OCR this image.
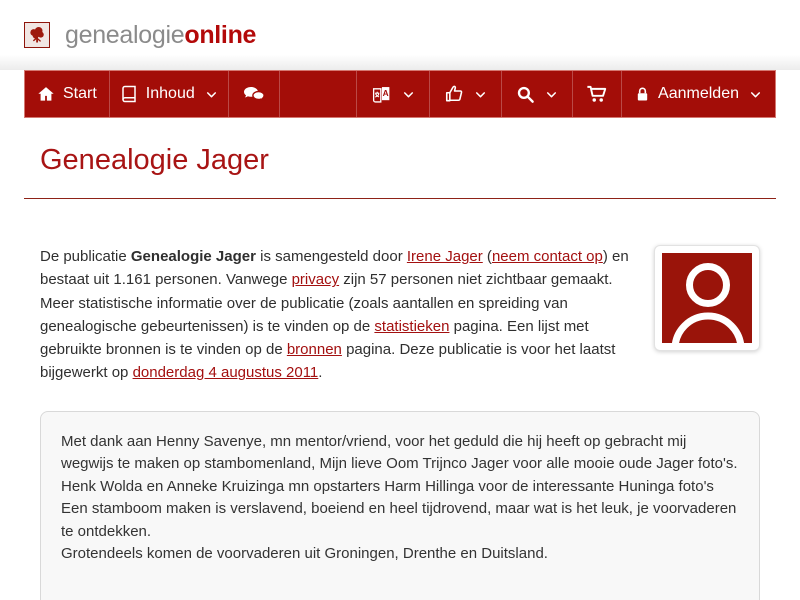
genealogieonline
Start	Inhoud	A	Aanmelden
Genealogie Jager

De publicatie Genealogie Jager is samengesteld door Irene Jager (neem contact op) en bestaat uit 1.161 personen. Vanwege privacy zijn 57 personen niet zichtbaar gemaakt. Meer statistische informatie over de publicatie (zoals aantallen en spreiding van genealogische gebeurtenissen) is te vinden op de statistieken pagina. Een lijst met gebruikte bronnen is te vinden op de bronnen pagina. Deze publicatie is voor het laatst bijgewerkt op donderdag 4 augustus 2011.

Met dank aan Henny Savenye, mn mentor/vriend, voor het geduld die hij heeft op gebracht mij wegwijs te maken op stambomenland, Mijn lieve Oom Trijnco Jager voor alle mooie oude Jager foto's. Henk Wolda en Anneke Kruizinga mn opstarters Harm Hillinga voor de interessante Huninga foto's
Een stamboom maken is verslavend, boeiend en heel tijdrovend, maar wat is het leuk, je voorvaderen te ontdekken.
Grotendeels komen de voorvaderen uit Groningen, Drenthe en Duitsland.
